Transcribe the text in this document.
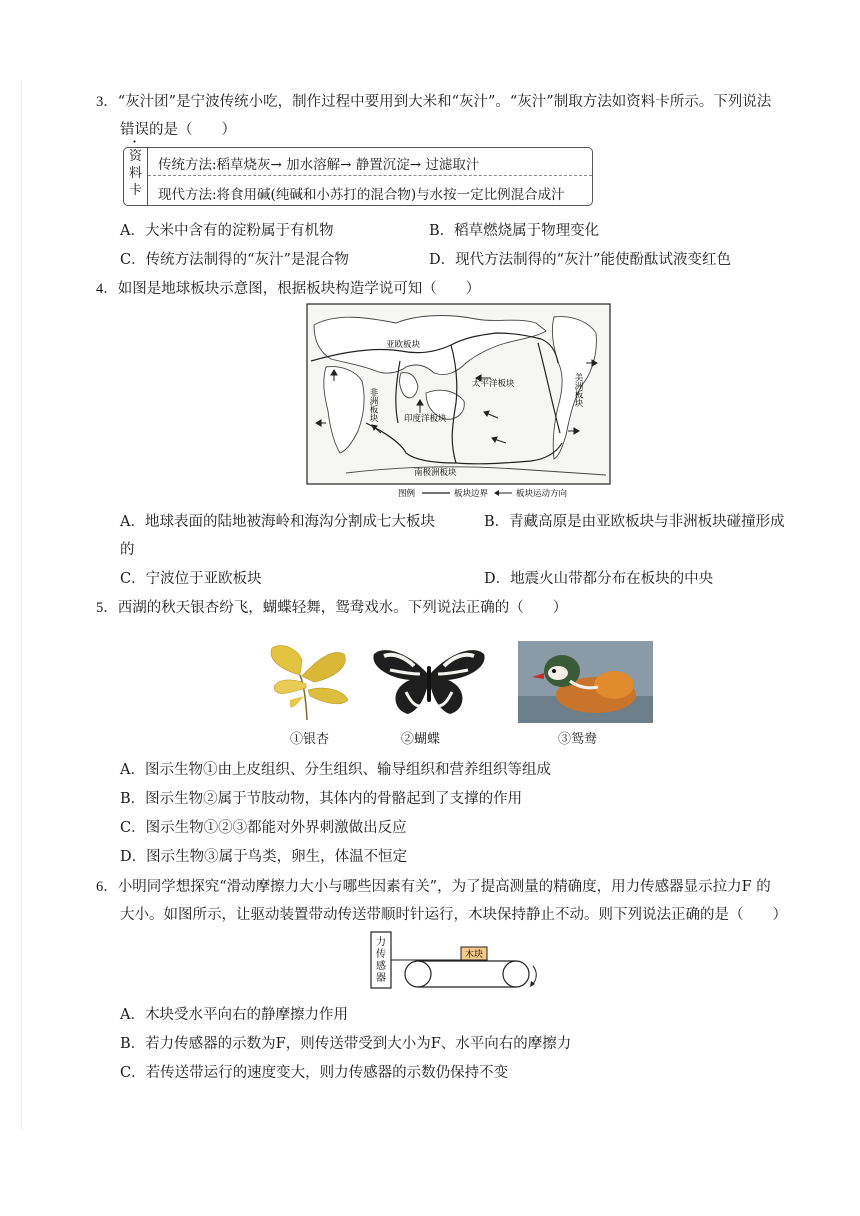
3．“灰汁团”是宁波传统小吃，制作过程中要用到大米和“灰汁”。“灰汁”制取方法如资料卡所示。下列说法
错误的是（　　）
资
料
卡
传统方法:稻草烧灰→ 加水溶解→ 静置沉淀→ 过滤取汁
现代方法:将食用碱(纯碱和小苏打的混合物)与水按一定比例混合成汁
A．大米中含有的淀粉属于有机物	B．稻草燃烧属于物理变化
C．传统方法制得的“灰汁”是混合物	D．现代方法制得的“灰汁”能使酚酞试液变红色
4．如图是地球板块示意图，根据板块构造学说可知（　　）
亚欧板块
非洲板块
印度洋板块
太平洋板块	美洲板块
南极洲板块
图例	板块边界	板块运动方向
A．地球表面的陆地被海岭和海沟分割成七大板块	B．青藏高原是由亚欧板块与非洲板块碰撞形成
的
C．宁波位于亚欧板块	D．地震火山带都分布在板块的中央
5．西湖的秋天银杏纷飞，蝴蝶轻舞，鸳鸯戏水。下列说法正确的（　　）
①银杏	②蝴蝶	③鸳鸯
A．图示生物①由上皮组织、分生组织、输导组织和营养组织等组成
B．图示生物②属于节肢动物，其体内的骨骼起到了支撑的作用
C．图示生物①②③都能对外界刺激做出反应
D．图示生物③属于鸟类，卵生，体温不恒定
6．小明同学想探究“滑动摩擦力大小与哪些因素有关”，为了提高测量的精确度，用力传感器显示拉力F 的
大小。如图所示，让驱动装置带动传送带顺时针运行，木块保持静止不动。则下列说法正确的是（　　）
力
传
感
器
木块
A．木块受水平向右的静摩擦力作用
B．若力传感器的示数为F，则传送带受到大小为F、水平向右的摩擦力
C．若传送带运行的速度变大，则力传感器的示数仍保持不变
